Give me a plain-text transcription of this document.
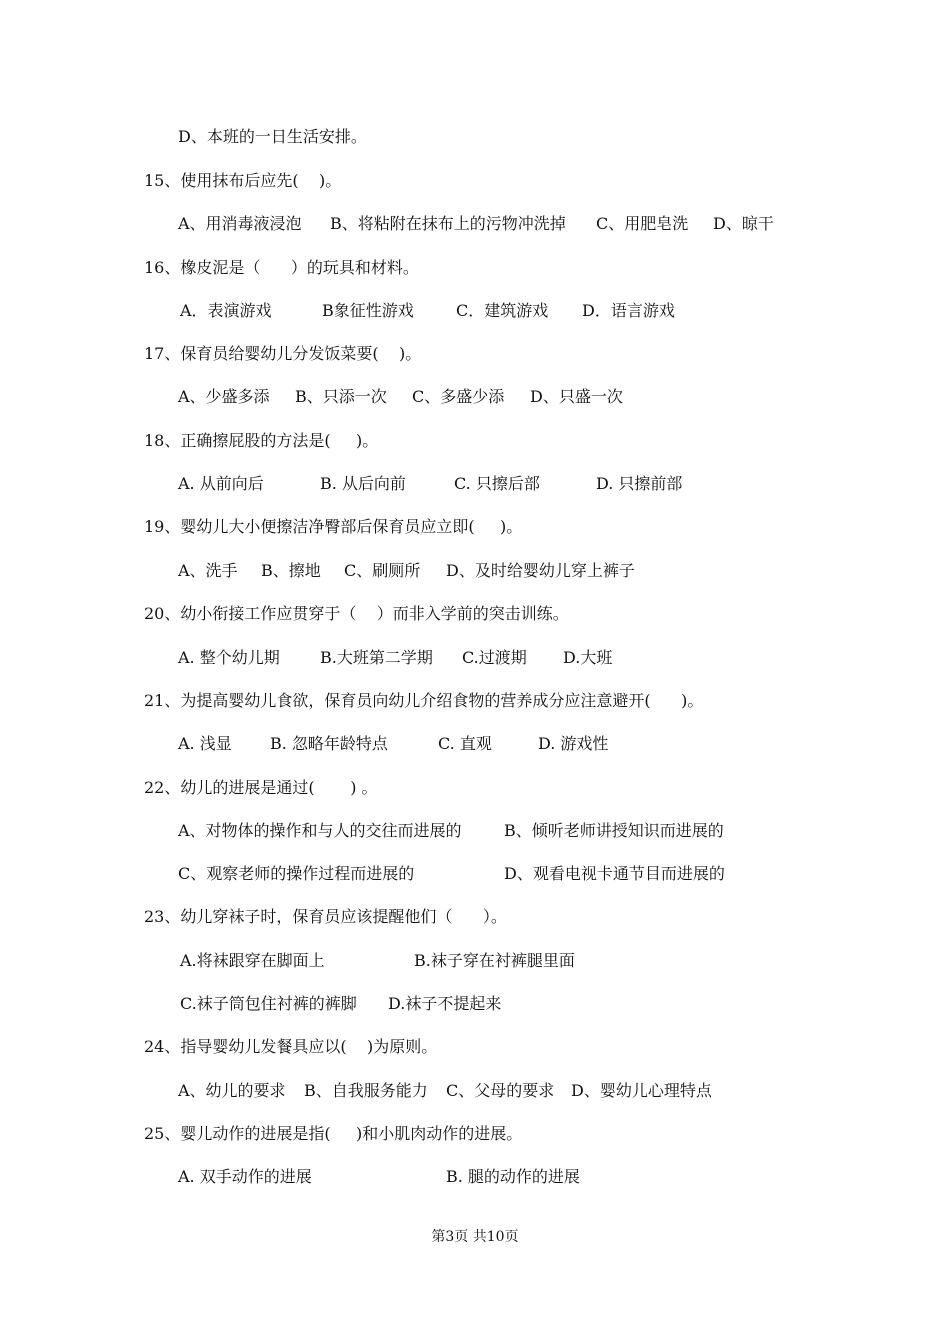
D、本班的一日生活安排。
15、使用抹布后应先(    )。
A、用消毒液浸泡 B、将粘附在抹布上的污物冲洗掉 C、用肥皂洗 D、晾干
16、橡皮泥是（      ）的玩具和材料。
A．表演游戏	B象征性游戏	C．建筑游戏 D．语言游戏
17、保育员给婴幼儿分发饭菜要(    )。
A、少盛多添 B、只添一次 C、多盛少添 D、只盛一次
18、正确擦屁股的方法是(     )。
A. 从前向后	B. 从后向前	C. 只擦后部	D. 只擦前部
19、婴幼儿大小便擦洁净臀部后保育员应立即(     )。
A、洗手 B、擦地 C、刷厕所 D、及时给婴幼儿穿上裤子
20、幼小衔接工作应贯穿于（    ）而非入学前的突击训练。
A. 整个幼儿期	B.大班第二学期 C.过渡期 D.大班
21、为提高婴幼儿食欲，保育员向幼儿介绍食物的营养成分应注意避开(      )。
A. 浅显 B. 忽略年龄特点	C. 直观	D. 游戏性
22、幼儿的进展是通过(       ) 。
A、对物体的操作和与人的交往而进展的	B、倾听老师讲授知识而进展的
C、观察老师的操作过程而进展的	D、观看电视卡通节目而进展的
23、幼儿穿袜子时，保育员应该提醒他们（      ）。
A.将袜跟穿在脚面上	B.袜子穿在衬裤腿里面
C.袜子筒包住衬裤的裤脚 D.袜子不提起来
24、指导婴幼儿发餐具应以(    )为原则。
A、幼儿的要求 B、自我服务能力 C、父母的要求 D、婴幼儿心理特点
25、婴儿动作的进展是指(     )和小肌肉动作的进展。
A. 双手动作的进展	B. 腿的动作的进展
第3页 共10页
